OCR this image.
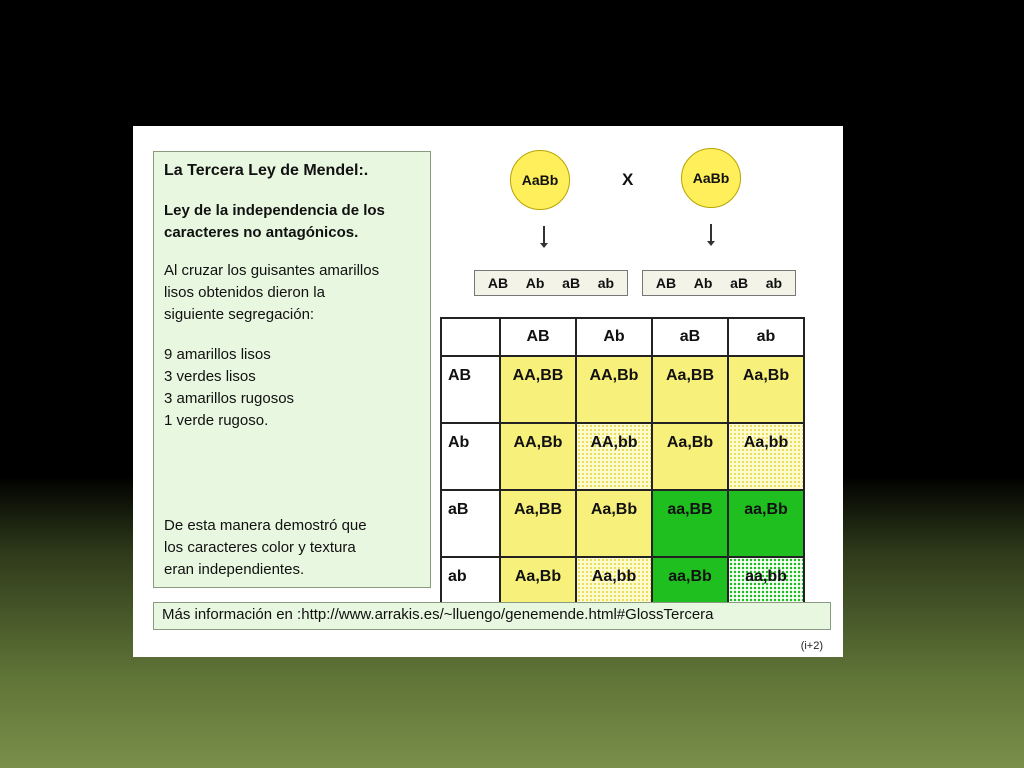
La Tercera Ley de Mendel:.
Ley de la independencia de los
caracteres no antagónicos.
Al cruzar los guisantes amarillos
lisos obtenidos dieron la
siguiente segregación:
9 amarillos lisos
3 verdes lisos
3 amarillos rugosos
1 verde rugoso.
De esta manera demostró que
los caracteres color y textura
eran independientes.
AaBb	X	AaBb
AB Ab aB ab	AB Ab aB ab
	AB	Ab	aB	ab
AB	AA,BB	AA,Bb	Aa,BB	Aa,Bb
Ab	AA,Bb	AA,bb	Aa,Bb	Aa,bb
aB	Aa,BB	Aa,Bb	aa,BB	aa,Bb
ab	Aa,Bb	Aa,bb	aa,Bb	aa,bb
Más información en :http://www.arrakis.es/~lluengo/genemende.html#GlossTercera
(i+2)
